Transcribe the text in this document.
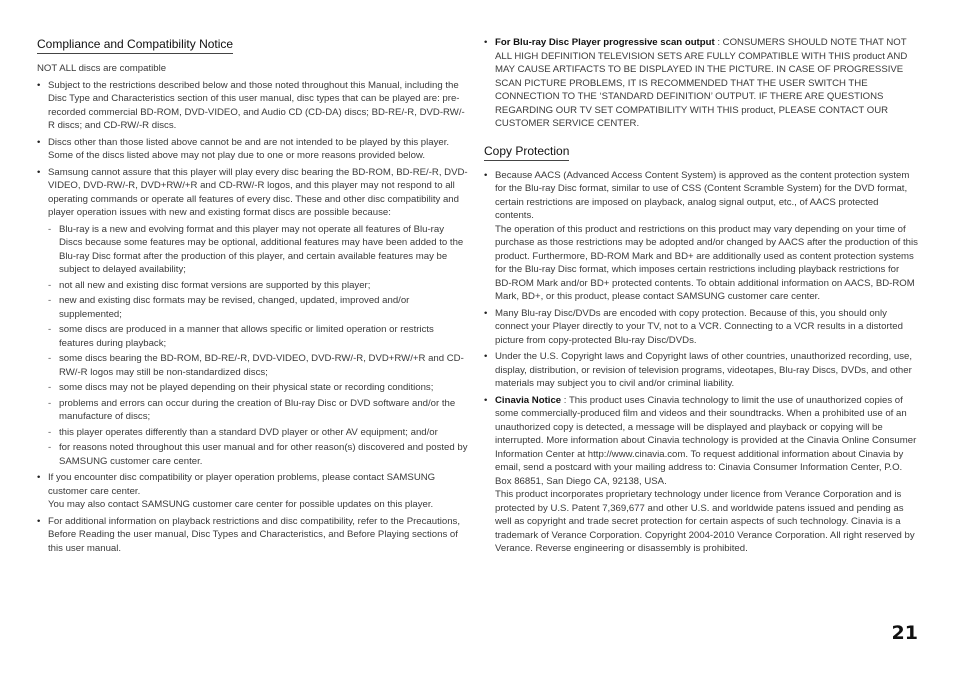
Compliance and Compatibility Notice

NOT ALL discs are compatible

• Subject to the restrictions described below and those noted throughout this Manual, including the Disc Type and Characteristics section of this user manual, disc types that can be played are: pre-recorded commercial BD-ROM, DVD-VIDEO, and Audio CD (CD-DA) discs; BD-RE/-R, DVD-RW/-R discs; and CD-RW/-R discs.
• Discs other than those listed above cannot be and are not intended to be played by this player. Some of the discs listed above may not play due to one or more reasons provided below.
• Samsung cannot assure that this player will play every disc bearing the BD-ROM, BD-RE/-R, DVD-VIDEO, DVD-RW/-R, DVD+RW/+R and CD-RW/-R logos, and this player may not respond to all operating commands or operate all features of every disc. These and other disc compatibility and player operation issues with new and existing format discs are possible because:
- Blu-ray is a new and evolving format and this player may not operate all features of Blu-ray Discs because some features may be optional, additional features may have been added to the Blu-ray Disc format after the production of this player, and certain available features may be subject to delayed availability;
- not all new and existing disc format versions are supported by this player;
- new and existing disc formats may be revised, changed, updated, improved and/or supplemented;
- some discs are produced in a manner that allows specific or limited operation or restricts features during playback;
- some discs bearing the BD-ROM, BD-RE/-R, DVD-VIDEO, DVD-RW/-R, DVD+RW/+R and CD-RW/-R logos may still be non-standardized discs;
- some discs may not be played depending on their physical state or recording conditions;
- problems and errors can occur during the creation of Blu-ray Disc or DVD software and/or the manufacture of discs;
- this player operates differently than a standard DVD player or other AV equipment; and/or
- for reasons noted throughout this user manual and for other reason(s) discovered and posted by SAMSUNG customer care center.
• If you encounter disc compatibility or player operation problems, please contact SAMSUNG customer care center.
You may also contact SAMSUNG customer care center for possible updates on this player.
• For additional information on playback restrictions and disc compatibility, refer to the Precautions, Before Reading the user manual, Disc Types and Characteristics, and Before Playing sections of this user manual.
• For Blu-ray Disc Player progressive scan output : CONSUMERS SHOULD NOTE THAT NOT ALL HIGH DEFINITION TELEVISION SETS ARE FULLY COMPATIBLE WITH THIS product AND MAY CAUSE ARTIFACTS TO BE DISPLAYED IN THE PICTURE. IN CASE OF PROGRESSIVE SCAN PICTURE PROBLEMS, IT IS RECOMMENDED THAT THE USER SWITCH THE CONNECTION TO THE ‘STANDARD DEFINITION’ OUTPUT. IF THERE ARE QUESTIONS REGARDING OUR TV SET COMPATIBILITY WITH THIS product, PLEASE CONTACT OUR CUSTOMER SERVICE CENTER.
Copy Protection
• Because AACS (Advanced Access Content System) is approved as the content protection system for the Blu-ray Disc format, similar to use of CSS (Content Scramble System) for the DVD format, certain restrictions are imposed on playback, analog signal output, etc., of AACS protected contents.
The operation of this product and restrictions on this product may vary depending on your time of purchase as those restrictions may be adopted and/or changed by AACS after the production of this product. Furthermore, BD-ROM Mark and BD+ are additionally used as content protection systems for the Blu-ray Disc format, which imposes certain restrictions including playback restrictions for BD-ROM Mark and/or BD+ protected contents. To obtain additional information on AACS, BD-ROM Mark, BD+, or this product, please contact SAMSUNG customer care center.
• Many Blu-ray Disc/DVDs are encoded with copy protection. Because of this, you should only connect your Player directly to your TV, not to a VCR. Connecting to a VCR results in a distorted picture from copy-protected Blu-ray Disc/DVDs.
• Under the U.S. Copyright laws and Copyright laws of other countries, unauthorized recording, use, display, distribution, or revision of television programs, videotapes, Blu-ray Discs, DVDs, and other materials may subject you to civil and/or criminal liability.
• Cinavia Notice : This product uses Cinavia technology to limit the use of unauthorized copies of some commercially-produced film and videos and their soundtracks. When a prohibited use of an unauthorized copy is detected, a message will be displayed and playback or copying will be interrupted. More information about Cinavia technology is provided at the Cinavia Online Consumer Information Center at http://www.cinavia.com. To request additional information about Cinavia by email, send a postcard with your mailing address to: Cinavia Consumer Information Center, P.O. Box 86851, San Diego CA, 92138, USA.
This product incorporates proprietary technology under licence from Verance Corporation and is protected by U.S. Patent 7,369,677 and other U.S. and worldwide patens issued and pending as well as copyright and trade secret protection for certain aspects of such technology. Cinavia is a trademark of Verance Corporation. Copyright 2004-2010 Verance Corporation. All right reserved by Verance. Reverse engineering or disassembly is prohibited.
21
